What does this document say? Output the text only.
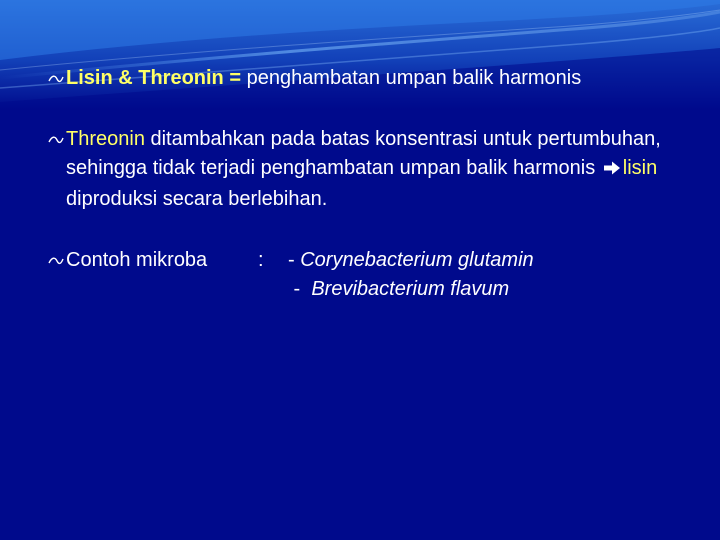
Lisin & Threonin = penghambatan umpan balik harmonis

Threonin ditambahkan pada batas konsentrasi untuk pertumbuhan, sehingga tidak terjadi penghambatan umpan balik harmonis lisin diproduksi secara berlebihan.

Contoh mikroba	:	- Corynebacterium glutamin
-  Brevibacterium flavum
